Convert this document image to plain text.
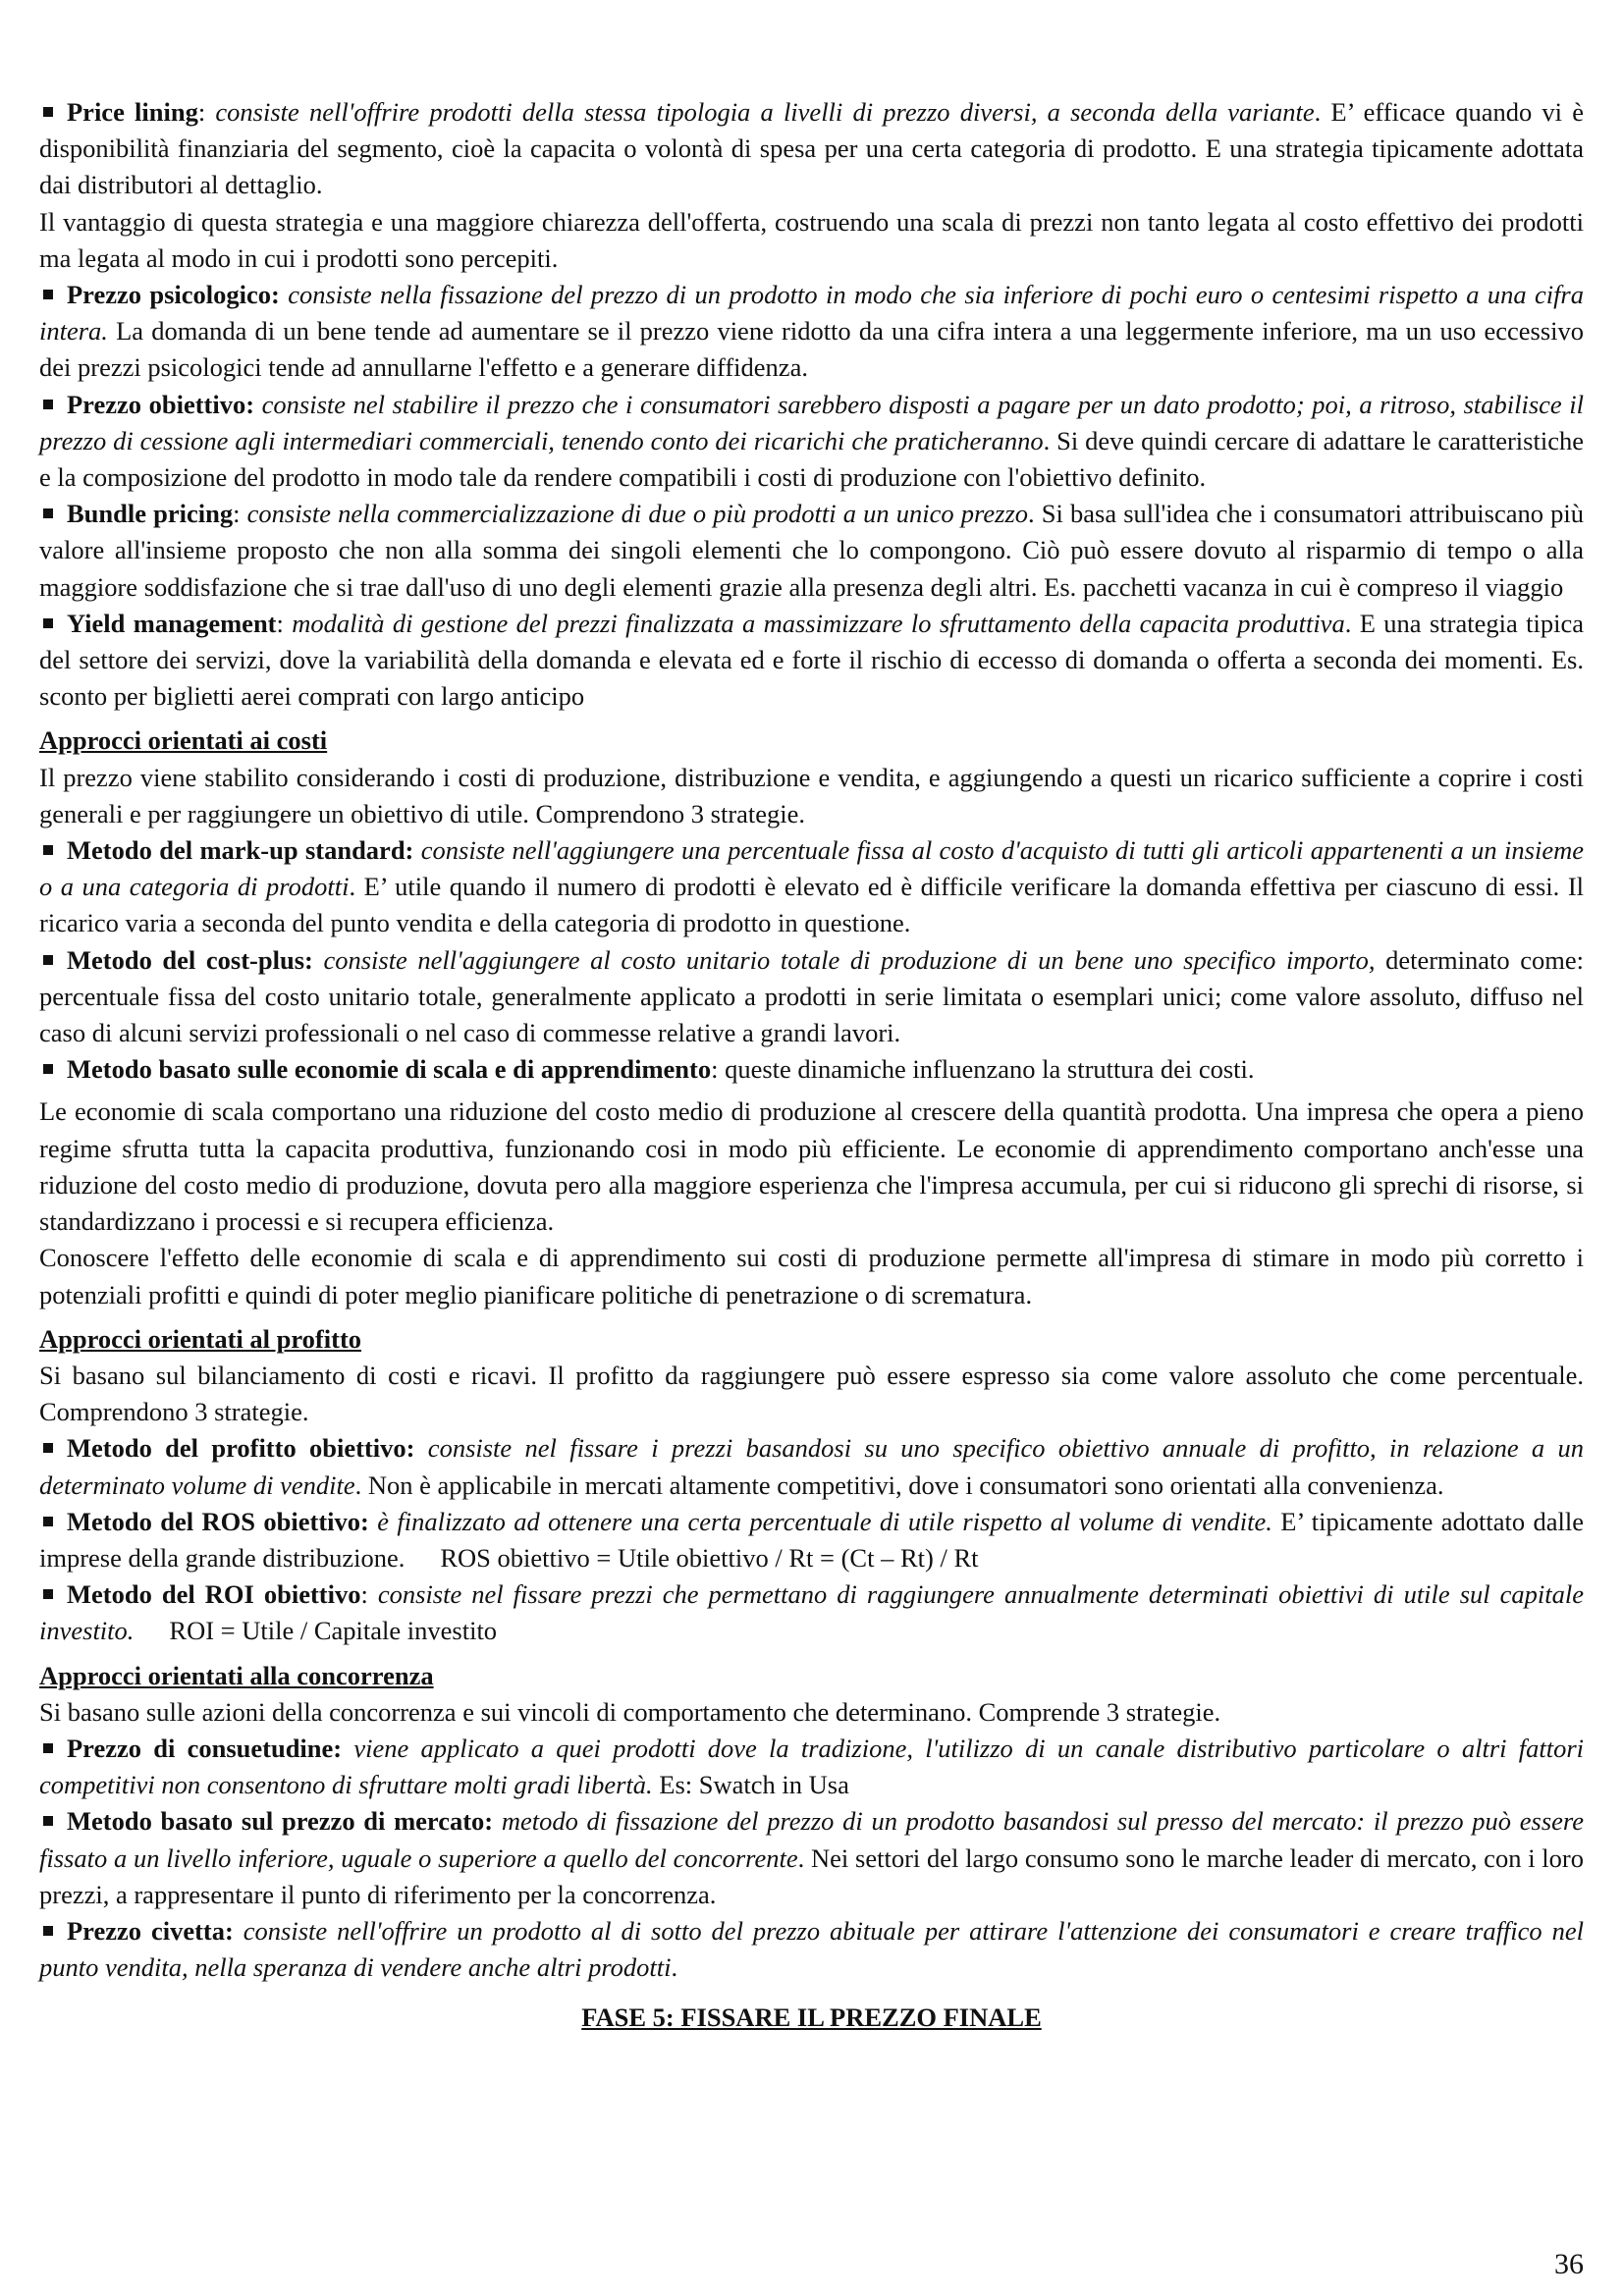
Price lining: consiste nell'offrire prodotti della stessa tipologia a livelli di prezzo diversi, a seconda della variante. E’ efficace quando vi è disponibilità finanziaria del segmento, cioè la capacita o volontà di spesa per una certa categoria di prodotto. E una strategia tipicamente adottata dai distributori al dettaglio.

Il vantaggio di questa strategia e una maggiore chiarezza dell'offerta, costruendo una scala di prezzi non tanto legata al costo effettivo dei prodotti ma legata al modo in cui i prodotti sono percepiti.

Prezzo psicologico: consiste nella fissazione del prezzo di un prodotto in modo che sia inferiore di pochi euro o centesimi rispetto a una cifra intera. La domanda di un bene tende ad aumentare se il prezzo viene ridotto da una cifra intera a una leggermente inferiore, ma un uso eccessivo dei prezzi psicologici tende ad annullarne l'effetto e a generare diffidenza.

Prezzo obiettivo: consiste nel stabilire il prezzo che i consumatori sarebbero disposti a pagare per un dato prodotto; poi, a ritroso, stabilisce il prezzo di cessione agli intermediari commerciali, tenendo conto dei ricarichi che praticheranno. Si deve quindi cercare di adattare le caratteristiche e la composizione del prodotto in modo tale da rendere compatibili i costi di produzione con l'obiettivo definito.

Bundle pricing: consiste nella commercializzazione di due o più prodotti a un unico prezzo. Si basa sull'idea che i consumatori attribuiscano più valore all'insieme proposto che non alla somma dei singoli elementi che lo compongono. Ciò può essere dovuto al risparmio di tempo o alla maggiore soddisfazione che si trae dall'uso di uno degli elementi grazie alla presenza degli altri. Es. pacchetti vacanza in cui è compreso il viaggio

Yield management: modalità di gestione del prezzi finalizzata a massimizzare lo sfruttamento della capacita produttiva. E una strategia tipica del settore dei servizi, dove la variabilità della domanda e elevata ed e forte il rischio di eccesso di domanda o offerta a seconda dei momenti. Es. sconto per biglietti aerei comprati con largo anticipo

Approcci orientati ai costi

Il prezzo viene stabilito considerando i costi di produzione, distribuzione e vendita, e aggiungendo a questi un ricarico sufficiente a coprire i costi generali e per raggiungere un obiettivo di utile. Comprendono 3 strategie.

Metodo del mark-up standard: consiste nell'aggiungere una percentuale fissa al costo d'acquisto di tutti gli articoli appartenenti a un insieme o a una categoria di prodotti. E’ utile quando il numero di prodotti è elevato ed è difficile verificare la domanda effettiva per ciascuno di essi. Il ricarico varia a seconda del punto vendita e della categoria di prodotto in questione.

Metodo del cost-plus: consiste nell'aggiungere al costo unitario totale di produzione di un bene uno specifico importo, determinato come: percentuale fissa del costo unitario totale, generalmente applicato a prodotti in serie limitata o esemplari unici; come valore assoluto, diffuso nel caso di alcuni servizi professionali o nel caso di commesse relative a grandi lavori.

Metodo basato sulle economie di scala e di apprendimento: queste dinamiche influenzano la struttura dei costi.

Le economie di scala comportano una riduzione del costo medio di produzione al crescere della quantità prodotta. Una impresa che opera a pieno regime sfrutta tutta la capacita produttiva, funzionando cosi in modo più efficiente. Le economie di apprendimento comportano anch'esse una riduzione del costo medio di produzione, dovuta pero alla maggiore esperienza che l'impresa accumula, per cui si riducono gli sprechi di risorse, si standardizzano i processi e si recupera efficienza.

Conoscere l'effetto delle economie di scala e di apprendimento sui costi di produzione permette all'impresa di stimare in modo più corretto i potenziali profitti e quindi di poter meglio pianificare politiche di penetrazione o di scrematura.

Approcci orientati al profitto

Si basano sul bilanciamento di costi e ricavi. Il profitto da raggiungere può essere espresso sia come valore assoluto che come percentuale. Comprendono 3 strategie.

Metodo del profitto obiettivo: consiste nel fissare i prezzi basandosi su uno specifico obiettivo annuale di profitto, in relazione a un determinato volume di vendite. Non è applicabile in mercati altamente competitivi, dove i consumatori sono orientati alla convenienza.

Metodo del ROS obiettivo: è finalizzato ad ottenere una certa percentuale di utile rispetto al volume di vendite. E’ tipicamente adottato dalle imprese della grande distribuzione. ROS obiettivo = Utile obiettivo / Rt = (Ct – Rt) / Rt

Metodo del ROI obiettivo: consiste nel fissare prezzi che permettano di raggiungere annualmente determinati obiettivi di utile sul capitale investito. ROI = Utile / Capitale investito

Approcci orientati alla concorrenza

Si basano sulle azioni della concorrenza e sui vincoli di comportamento che determinano. Comprende 3 strategie.

Prezzo di consuetudine: viene applicato a quei prodotti dove la tradizione, l'utilizzo di un canale distributivo particolare o altri fattori competitivi non consentono di sfruttare molti gradi libertà. Es: Swatch in Usa

Metodo basato sul prezzo di mercato: metodo di fissazione del prezzo di un prodotto basandosi sul presso del mercato: il prezzo può essere fissato a un livello inferiore, uguale o superiore a quello del concorrente. Nei settori del largo consumo sono le marche leader di mercato, con i loro prezzi, a rappresentare il punto di riferimento per la concorrenza.

Prezzo civetta: consiste nell'offrire un prodotto al di sotto del prezzo abituale per attirare l'attenzione dei consumatori e creare traffico nel punto vendita, nella speranza di vendere anche altri prodotti.

FASE 5: FISSARE IL PREZZO FINALE

36
